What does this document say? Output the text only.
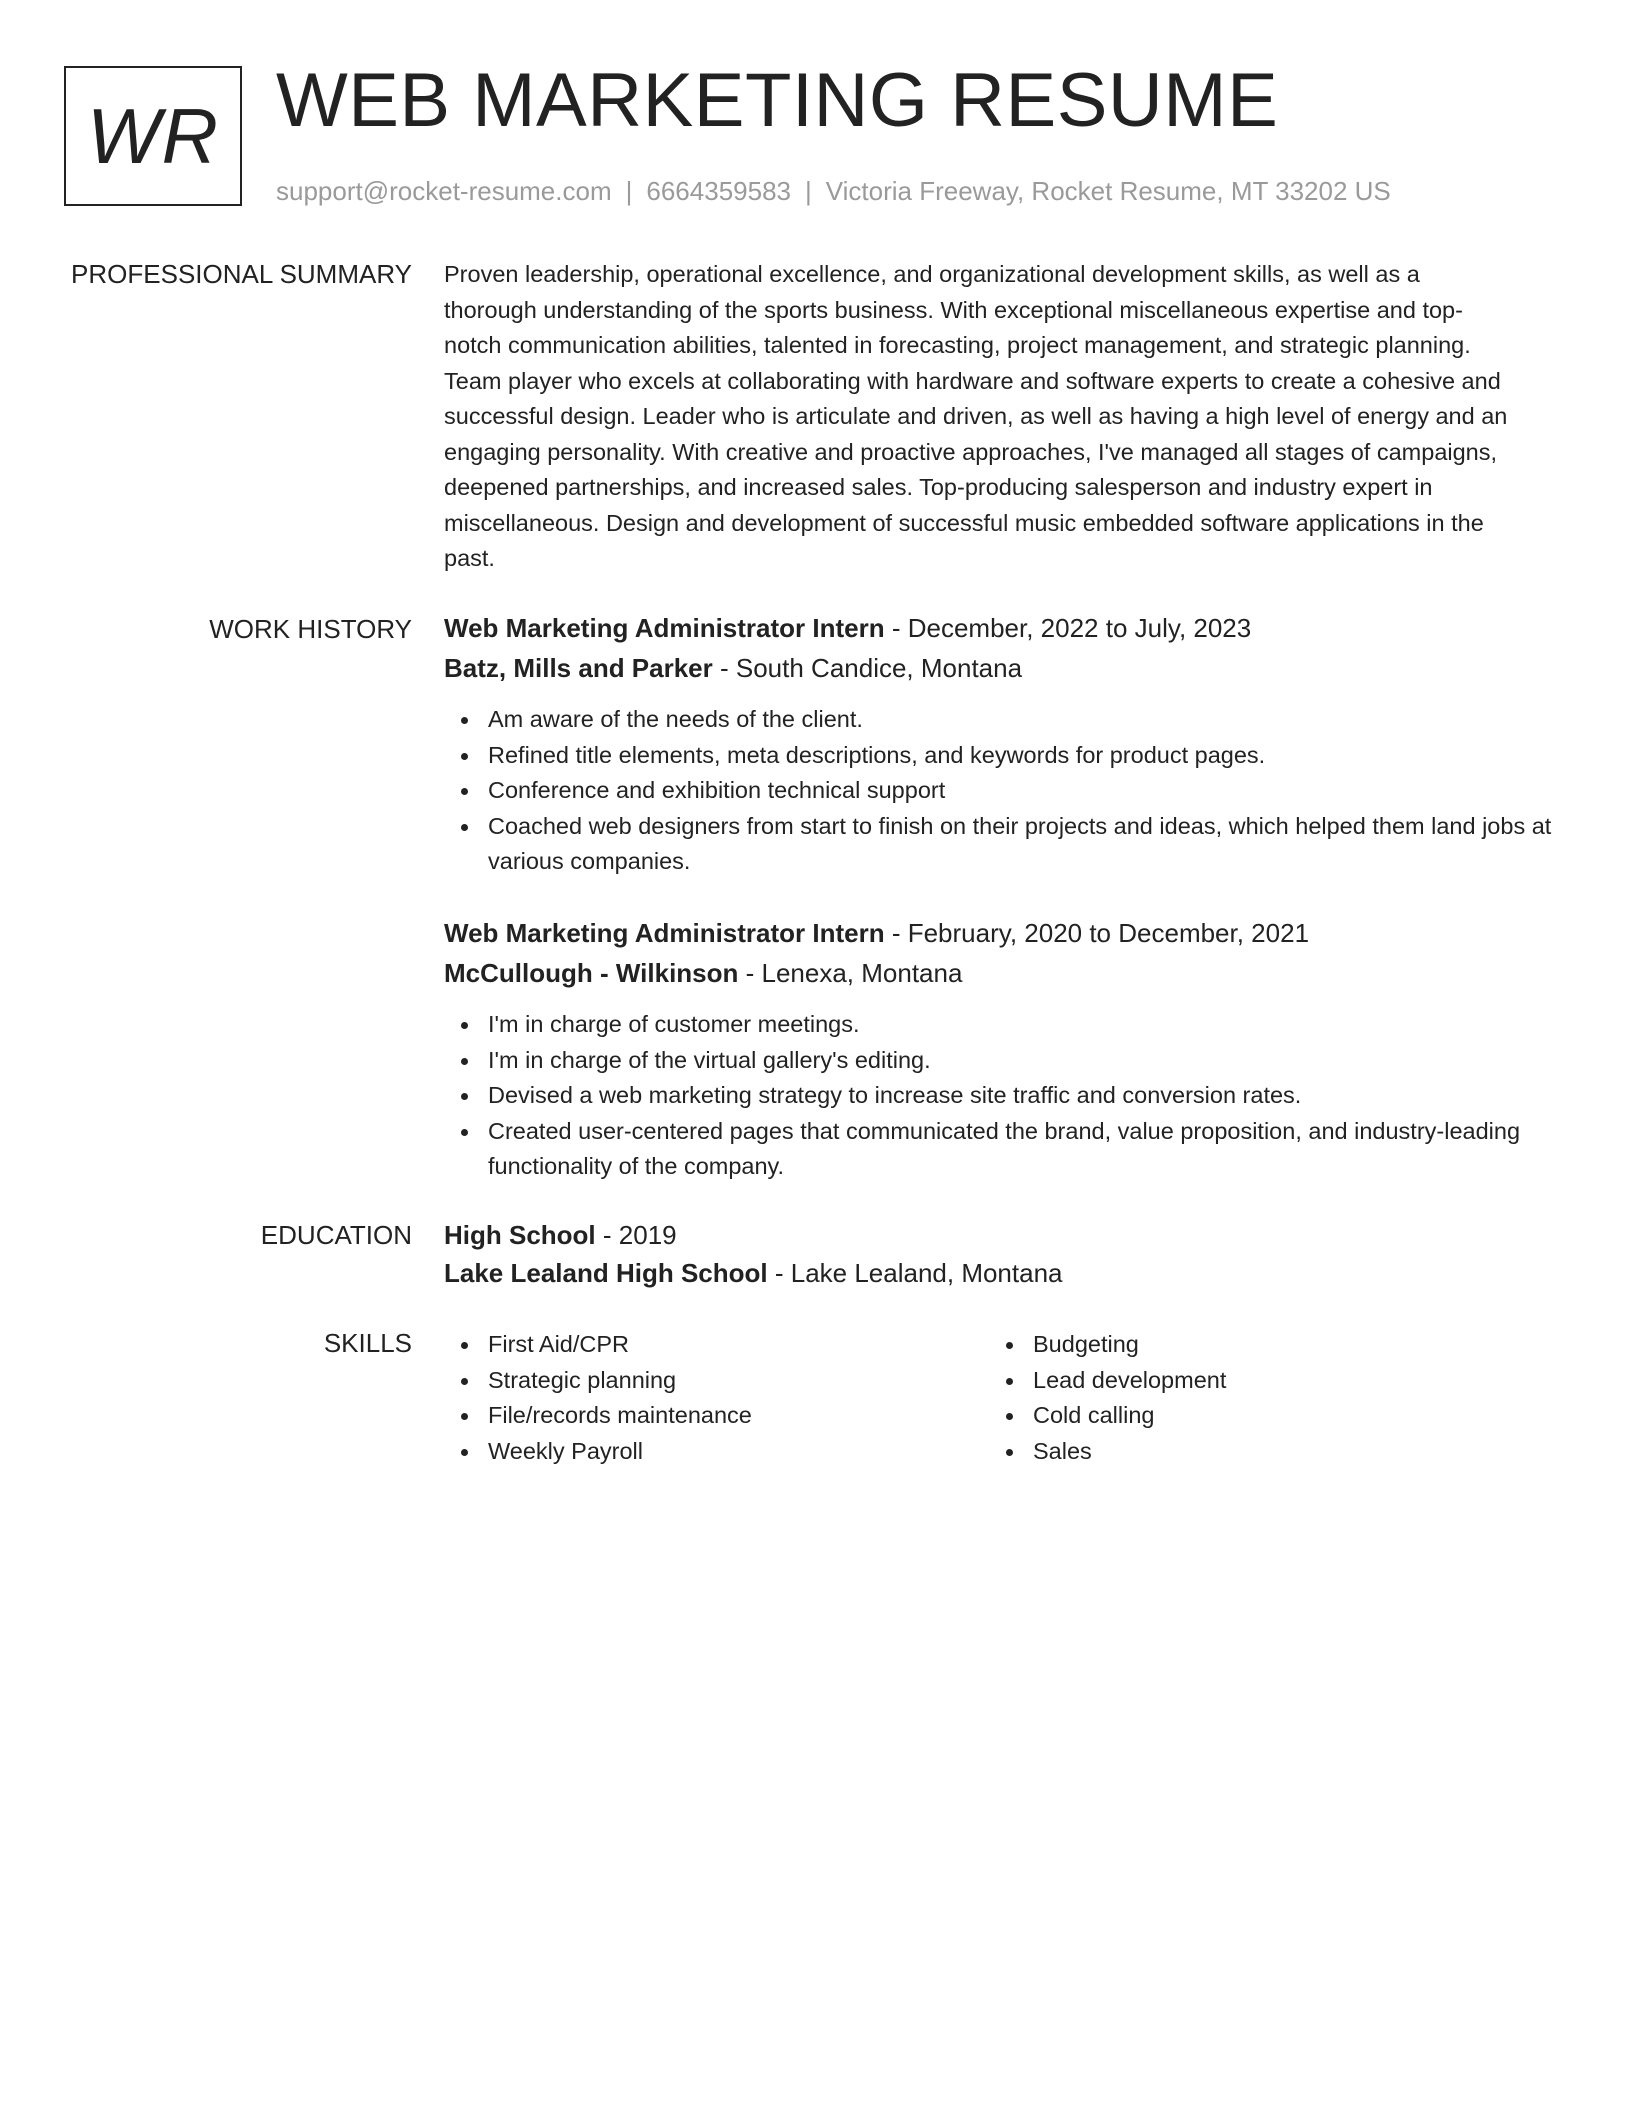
WR WEB MARKETING RESUME
support@rocket-resume.com | 6664359583 | Victoria Freeway, Rocket Resume, MT 33202 US
PROFESSIONAL SUMMARY Proven leadership, operational excellence, and organizational development skills, as well as a
thorough understanding of the sports business. With exceptional miscellaneous expertise and top-
notch communication abilities, talented in forecasting, project management, and strategic planning.
Team player who excels at collaborating with hardware and software experts to create a cohesive and
successful design. Leader who is articulate and driven, as well as having a high level of energy and an
engaging personality. With creative and proactive approaches, I've managed all stages of campaigns,
deepened partnerships, and increased sales. Top-producing salesperson and industry expert in
miscellaneous. Design and development of successful music embedded software applications in the
past.
WORK HISTORY Web Marketing Administrator Intern - December, 2022 to July, 2023
Batz, Mills and Parker - South Candice, Montana
Am aware of the needs of the client.
Refined title elements, meta descriptions, and keywords for product pages.
Conference and exhibition technical support
Coached web designers from start to finish on their projects and ideas, which helped them land jobs at various companies.
Web Marketing Administrator Intern - February, 2020 to December, 2021
McCullough - Wilkinson - Lenexa, Montana
I'm in charge of customer meetings.
I'm in charge of the virtual gallery's editing.
Devised a web marketing strategy to increase site traffic and conversion rates.
Created user-centered pages that communicated the brand, value proposition, and industry-leading functionality of the company.
EDUCATION High School - 2019
Lake Lealand High School - Lake Lealand, Montana
SKILLS	First Aid/CPR
Strategic planning
File/records maintenance
Weekly Payroll
Budgeting
Lead development
Cold calling
Sales
